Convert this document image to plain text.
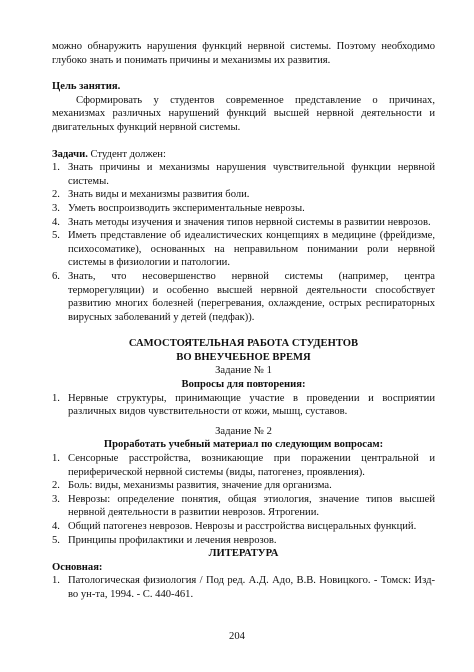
можно обнаружить нарушения функций нервной системы. Поэтому необходимо глубоко знать и понимать причины и механизмы их развития.

Цель занятия.

Сформировать у студентов современное представление о причинах, механизмах различных нарушений функций высшей нервной деятельности и двигательных функций нервной системы.

Задачи. Студент должен:

1. Знать причины и механизмы нарушения чувствительной функции нервной системы.
2. Знать виды и механизмы развития боли.
3. Уметь воспроизводить экспериментальные неврозы.
4. Знать методы изучения и значения типов нервной системы в развитии неврозов.
5. Иметь представление об идеалистических концепциях в медицине (фрейдизме, психосоматике), основанных на неправильном понимании роли нервной системы в физиологии и патологии.
6. Знать, что несовершенство нервной системы (например, центра терморегуляции) и особенно высшей нервной деятельности способствует развитию многих болезней (перегревания, охлаждение, острых респираторных вирусных заболеваний у детей (педфак)).
САМОСТОЯТЕЛЬНАЯ РАБОТА СТУДЕНТОВ
ВО ВНЕУЧЕБНОЕ ВРЕМЯ
Задание № 1
Вопросы для повторения:
1. Нервные структуры, принимающие участие в проведении и восприятии различных видов чувствительности от кожи, мышц, суставов.
Задание № 2
Проработать учебный материал по следующим вопросам:
1. Сенсорные расстройства, возникающие при поражении центральной и периферической нервной системы (виды, патогенез, проявления).
2. Боль: виды, механизмы развития, значение для организма.
3. Неврозы: определение понятия, общая этиология, значение типов высшей нервной деятельности в развитии неврозов. Ятрогении.
4. Общий патогенез неврозов. Неврозы и расстройства висцеральных функций.
5. Принципы профилактики и лечения неврозов.
ЛИТЕРАТУРА

Основная:

1. Патологическая физиология / Под ред. А.Д. Адо, В.В. Новицкого. - Томск: Изд-во ун-та, 1994. - С. 440-461.
204
